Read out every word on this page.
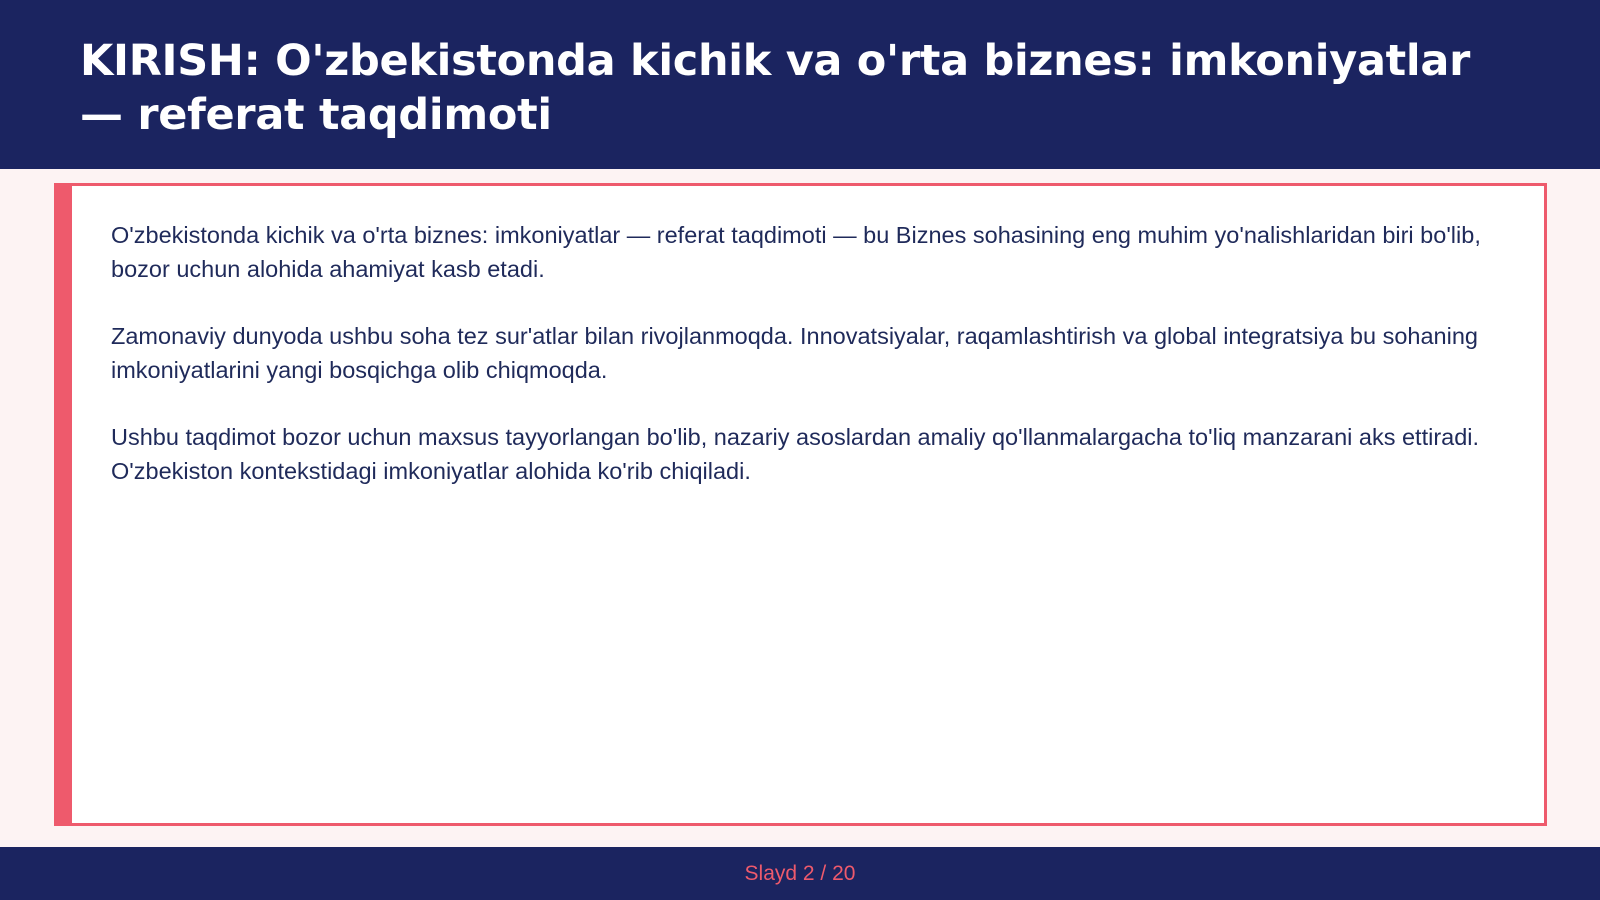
KIRISH: O'zbekistonda kichik va o'rta biznes: imkoniyatlar — referat taqdimoti

O'zbekistonda kichik va o'rta biznes: imkoniyatlar — referat taqdimoti — bu Biznes sohasining eng muhim yo'nalishlaridan biri bo'lib, bozor uchun alohida ahamiyat kasb etadi.

Zamonaviy dunyoda ushbu soha tez sur'atlar bilan rivojlanmoqda. Innovatsiyalar, raqamlashtirish va global integratsiya bu sohaning imkoniyatlarini yangi bosqichga olib chiqmoqda.

Ushbu taqdimot bozor uchun maxsus tayyorlangan bo'lib, nazariy asoslardan amaliy qo'llanmalargacha to'liq manzarani aks ettiradi. O'zbekiston kontekstidagi imkoniyatlar alohida ko'rib chiqiladi.

Slayd 2 / 20
